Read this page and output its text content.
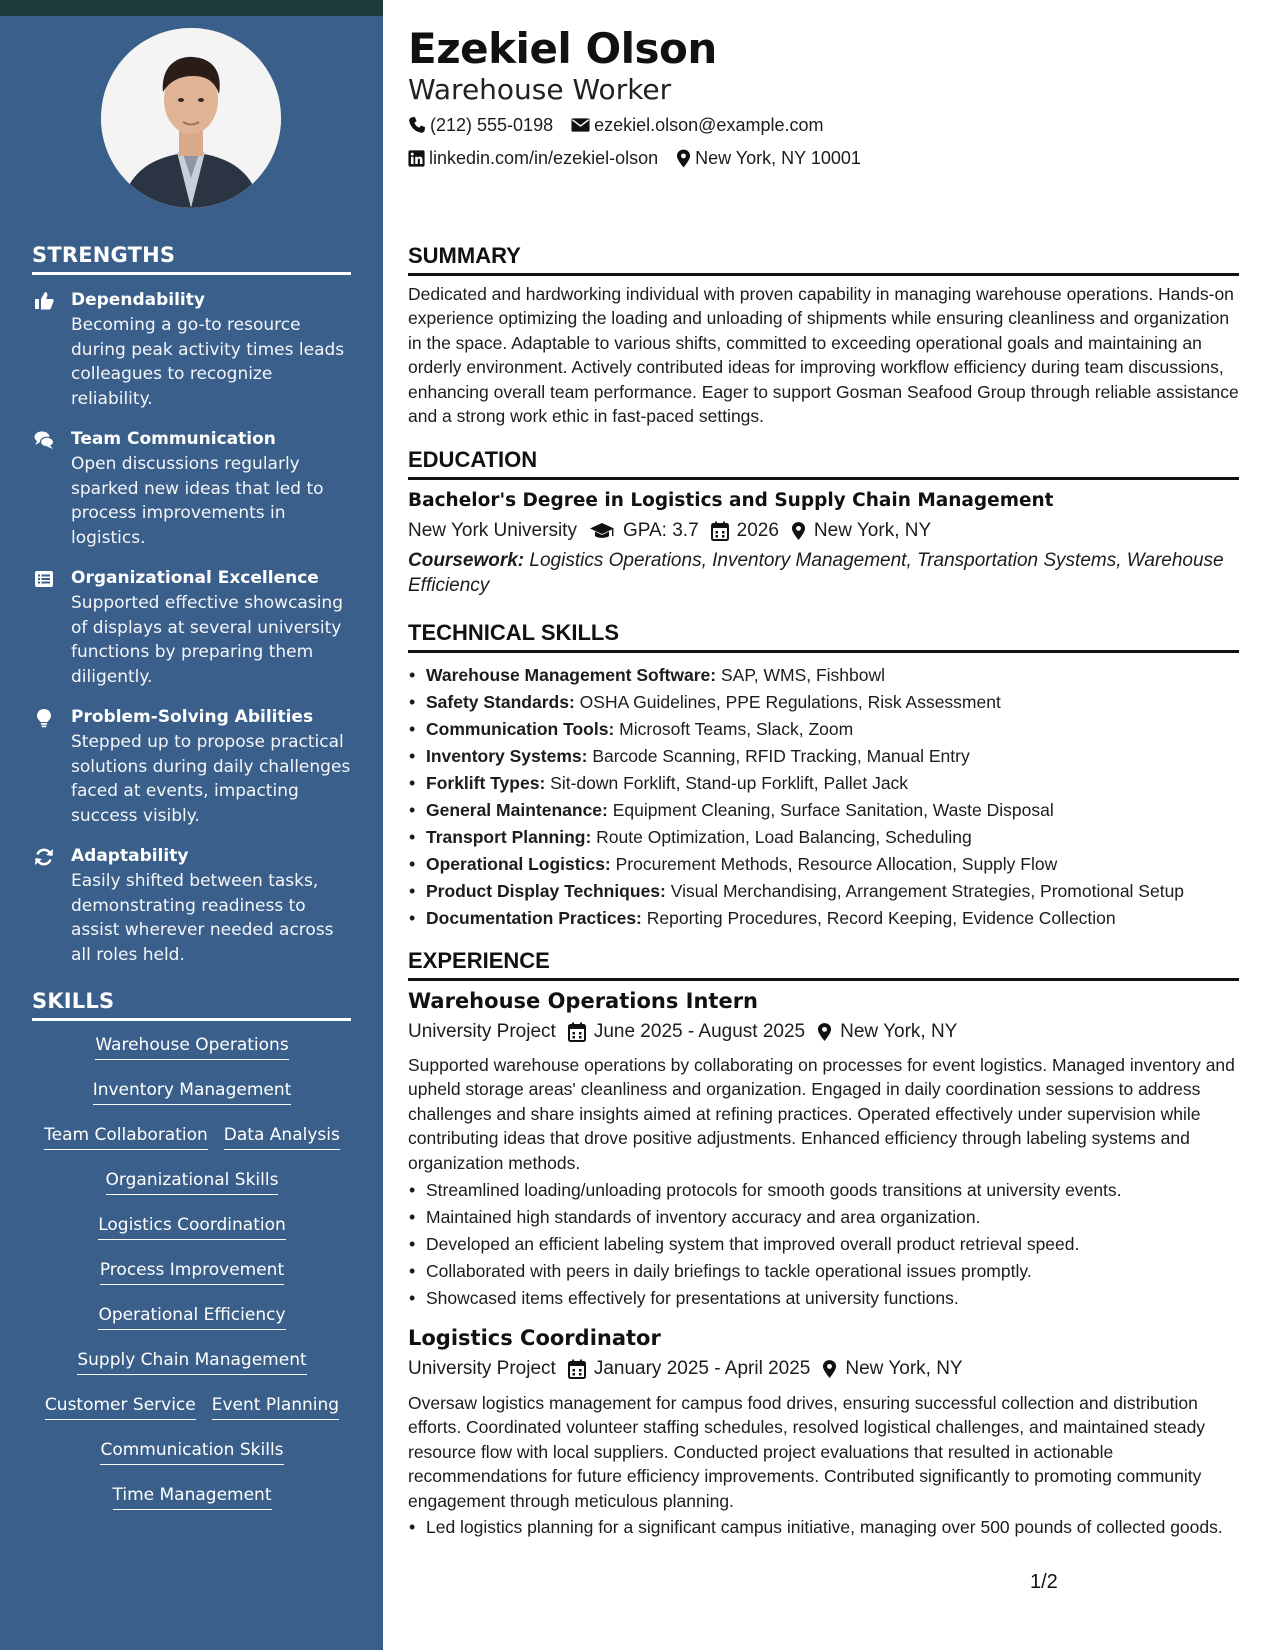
STRENGTHS
Dependability
Becoming a go-to resource during peak activity times leads colleagues to recognize reliability.
Team Communication
Open discussions regularly sparked new ideas that led to process improvements in logistics.
Organizational Excellence
Supported effective showcasing of displays at several university functions by preparing them diligently.
Problem-Solving Abilities
Stepped up to propose practical solutions during daily challenges faced at events, impacting success visibly.
Adaptability
Easily shifted between tasks, demonstrating readiness to assist wherever needed across all roles held.
SKILLS
Warehouse Operations
Inventory Management
Team Collaboration Data Analysis
Organizational Skills
Logistics Coordination
Process Improvement
Operational Efficiency
Supply Chain Management
Customer Service Event Planning
Communication Skills
Time Management
Ezekiel Olson
Warehouse Worker
(212) 555-0198 ezekiel.olson@example.com
linkedin.com/in/ezekiel-olson New York, NY 10001
SUMMARY

Dedicated and hardworking individual with proven capability in managing warehouse operations. Hands-on experience optimizing the loading and unloading of shipments while ensuring cleanliness and organization in the space. Adaptable to various shifts, committed to exceeding operational goals and maintaining an orderly environment. Actively contributed ideas for improving workflow efficiency during team discussions, enhancing overall team performance. Eager to support Gosman Seafood Group through reliable assistance and a strong work ethic in fast-paced settings.

EDUCATION
Bachelor's Degree in Logistics and Supply Chain Management
New York University GPA: 3.7 2026 New York, NY
Coursework: Logistics Operations, Inventory Management, Transportation Systems, Warehouse Efficiency
TECHNICAL SKILLS
• Warehouse Management Software: SAP, WMS, Fishbowl
• Safety Standards: OSHA Guidelines, PPE Regulations, Risk Assessment
• Communication Tools: Microsoft Teams, Slack, Zoom
• Inventory Systems: Barcode Scanning, RFID Tracking, Manual Entry
• Forklift Types: Sit-down Forklift, Stand-up Forklift, Pallet Jack
• General Maintenance: Equipment Cleaning, Surface Sanitation, Waste Disposal
• Transport Planning: Route Optimization, Load Balancing, Scheduling
• Operational Logistics: Procurement Methods, Resource Allocation, Supply Flow
• Product Display Techniques: Visual Merchandising, Arrangement Strategies, Promotional Setup
• Documentation Practices: Reporting Procedures, Record Keeping, Evidence Collection
EXPERIENCE
Warehouse Operations Intern
University Project June 2025 - August 2025 New York, NY

Supported warehouse operations by collaborating on processes for event logistics. Managed inventory and upheld storage areas' cleanliness and organization. Engaged in daily coordination sessions to address challenges and share insights aimed at refining practices. Operated effectively under supervision while contributing ideas that drove positive adjustments. Enhanced efficiency through labeling systems and organization methods.

• Streamlined loading/unloading protocols for smooth goods transitions at university events.
• Maintained high standards of inventory accuracy and area organization.
• Developed an efficient labeling system that improved overall product retrieval speed.
• Collaborated with peers in daily briefings to tackle operational issues promptly.
• Showcased items effectively for presentations at university functions.
Logistics Coordinator
University Project January 2025 - April 2025 New York, NY

Oversaw logistics management for campus food drives, ensuring successful collection and distribution efforts. Coordinated volunteer staffing schedules, resolved logistical challenges, and maintained steady resource flow with local suppliers. Conducted project evaluations that resulted in actionable recommendations for future efficiency improvements. Contributed significantly to promoting community engagement through meticulous planning.

• Led logistics planning for a significant campus initiative, managing over 500 pounds of collected goods.
1/2
